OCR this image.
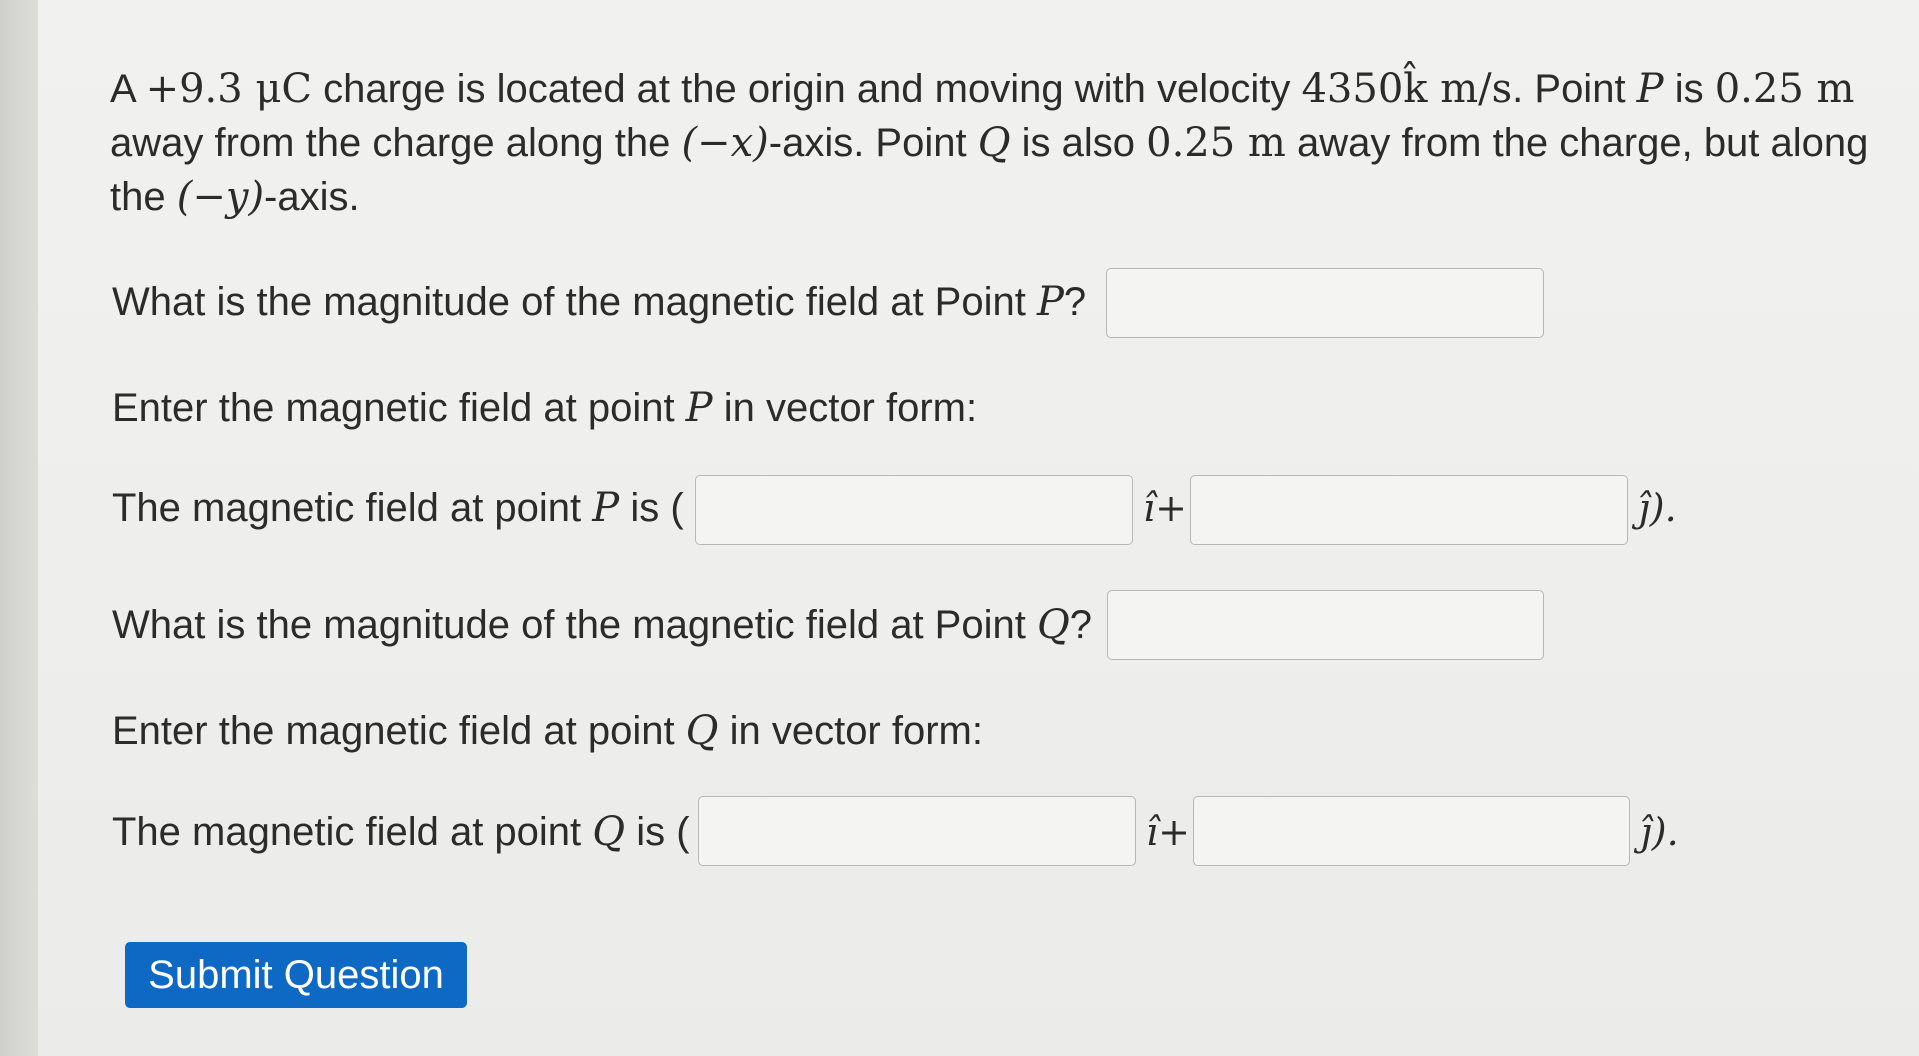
A +9.3 μC charge is located at the origin and moving with velocity 4350k̂ m/s. Point P is 0.25 m away from the charge along the (−x)-axis. Point Q is also 0.25 m away from the charge, but along the (−y)-axis.
What is the magnitude of the magnetic field at Point P?
Enter the magnetic field at point P in vector form:
The magnetic field at point P is (	î+	ĵ).
What is the magnitude of the magnetic field at Point Q?
Enter the magnetic field at point Q in vector form:
The magnetic field at point Q is (	î+	ĵ).
Submit Question
